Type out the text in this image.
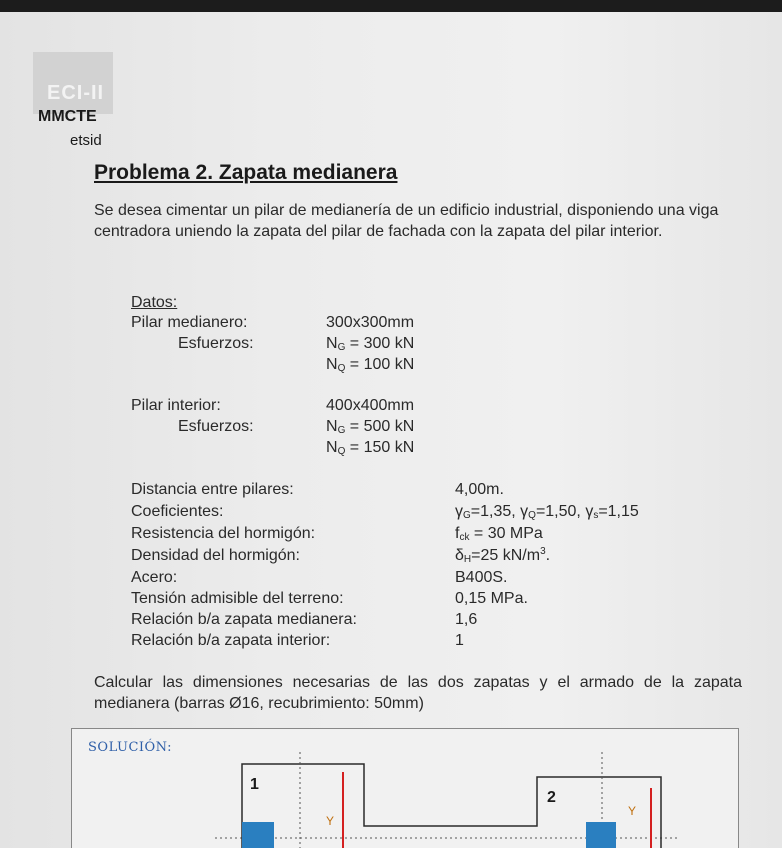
ECI-II
MMCTE
etsid
Problema 2. Zapata medianera
Se desea cimentar un pilar de medianería de un edificio industrial, disponiendo una viga centradora uniendo la zapata del pilar de fachada con la zapata del pilar interior.
Datos:
Pilar medianero:	300x300mm
Esfuerzos:	$N_G = 300$ kN
$N_Q = 100$ kN
Pilar interior:	400x400mm
Esfuerzos:	$N_G = 500$ kN
$N_Q = 150$ kN
Distancia entre pilares:	4,00m.
Coeficientes:	$\gamma_G=1,35$, $\gamma_Q=1,50$, $\gamma_s=1,15$
Resistencia del hormigón:	$f_{ck} = 30$ MPa
Densidad del hormigón:	$\delta_H=25$ $kN/m^3$.
Acero:	B400S.
Tensión admisible del terreno:	0,15 MPa.
Relación b/a zapata medianera:	1,6
Relación b/a zapata interior:	1
Calcular las dimensiones necesarias de las dos zapatas y el armado de la zapata medianera (barras Ø16, recubrimiento: 50mm)
SOLUCIÓN:
1
2
Y
Y
